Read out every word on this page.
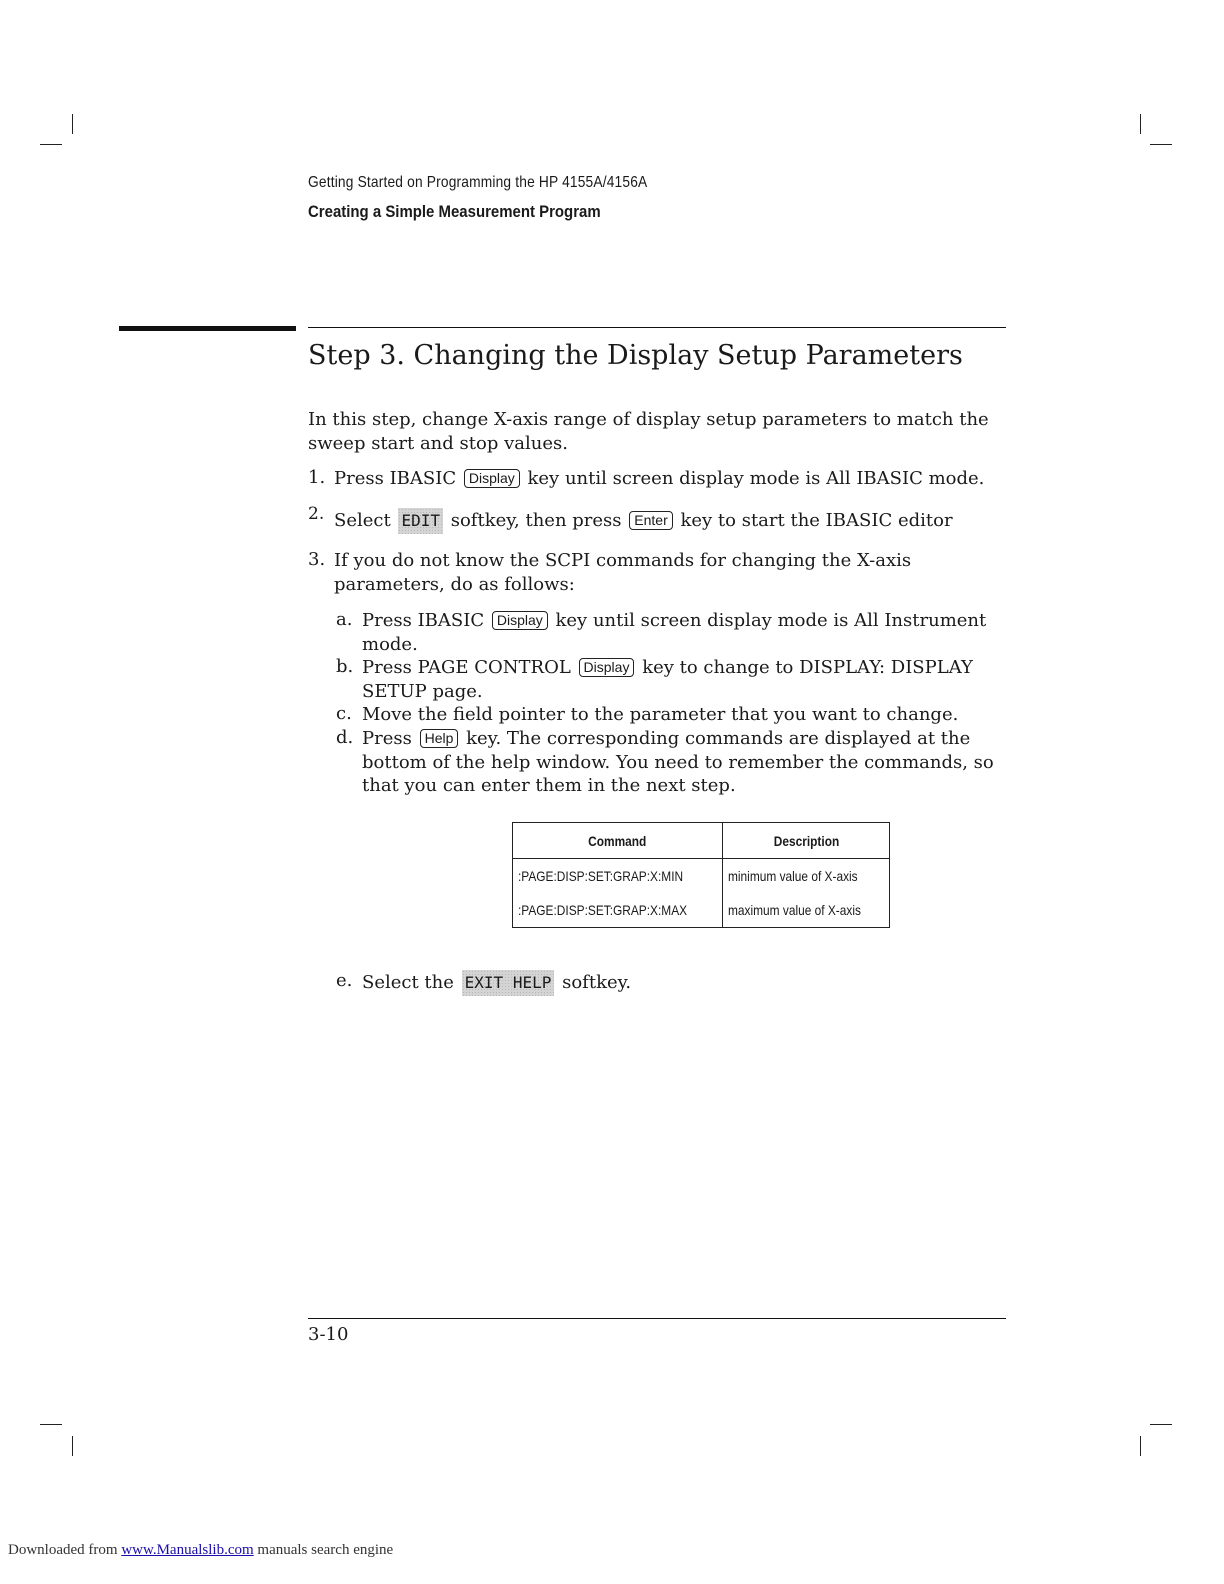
Getting Started on Programming the HP 4155A/4156A
Creating a Simple Measurement Program
Step 3. Changing the Display Setup Parameters
In this step, change X-axis range of display setup parameters to match the sweep start and stop values.
1. Press IBASIC Display key until screen display mode is All IBASIC mode.
2. Select EDIT softkey, then press Enter key to start the IBASIC editor
3. If you do not know the SCPI commands for changing the X-axis parameters, do as follows:
a. Press IBASIC Display key until screen display mode is All Instrument mode.
b. Press PAGE CONTROL Display key to change to DISPLAY: DISPLAY SETUP page.
c. Move the field pointer to the parameter that you want to change.
d. Press Help key. The corresponding commands are displayed at the bottom of the help window. You need to remember the commands, so that you can enter them in the next step.
Command	Description
:PAGE:DISP:SET:GRAP:X:MIN	minimum value of X-axis
:PAGE:DISP:SET:GRAP:X:MAX	maximum value of X-axis
e. Select the EXIT HELP softkey.
3-10
Downloaded from www.Manualslib.com manuals search engine
